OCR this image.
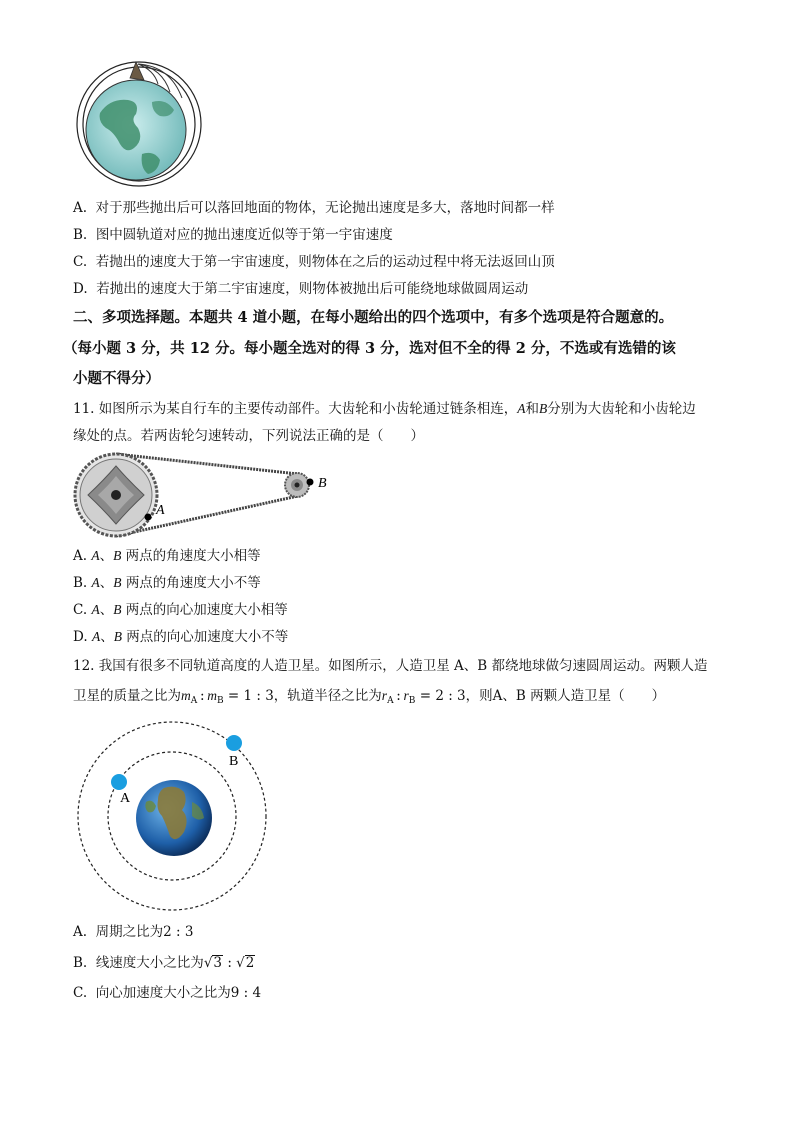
A. 对于那些抛出后可以落回地面的物体，无论抛出速度是多大，落地时间都一样
B. 图中圆轨道对应的抛出速度近似等于第一宇宙速度
C. 若抛出的速度大于第一宇宙速度，则物体在之后的运动过程中将无法返回山顶
D. 若抛出的速度大于第二宇宙速度，则物体被抛出后可能绕地球做圆周运动
二、多项选择题。本题共 4 道小题，在每小题给出的四个选项中，有多个选项是符合题意的。
（每小题 3 分，共 12 分。每小题全选对的得 3 分，选对但不全的得 2 分，不选或有选错的该
小题不得分）
11. 如图所示为某自行车的主要传动部件。大齿轮和小齿轮通过链条相连，A和B分别为大齿轮和小齿轮边
缘处的点。若两齿轮匀速转动，下列说法正确的是（　　）
A
B
A. A、B 两点的角速度大小相等
B. A、B 两点的角速度大小不等
C. A、B 两点的向心加速度大小相等
D. A、B 两点的向心加速度大小不等
12. 我国有很多不同轨道高度的人造卫星。如图所示，人造卫星 A、B 都绕地球做匀速圆周运动。两颗人造
卫星的质量之比为$m_A$ : $m_B = 1$ : 3，轨道半径之比为$r_A$ : $r_B = 2$ : 3，则A、B 两颗人造卫星（　　）
A
B
A. 周期之比为2 : 3
B. 线速度大小之比为√3 : √2
C. 向心加速度大小之比为9 : 4
